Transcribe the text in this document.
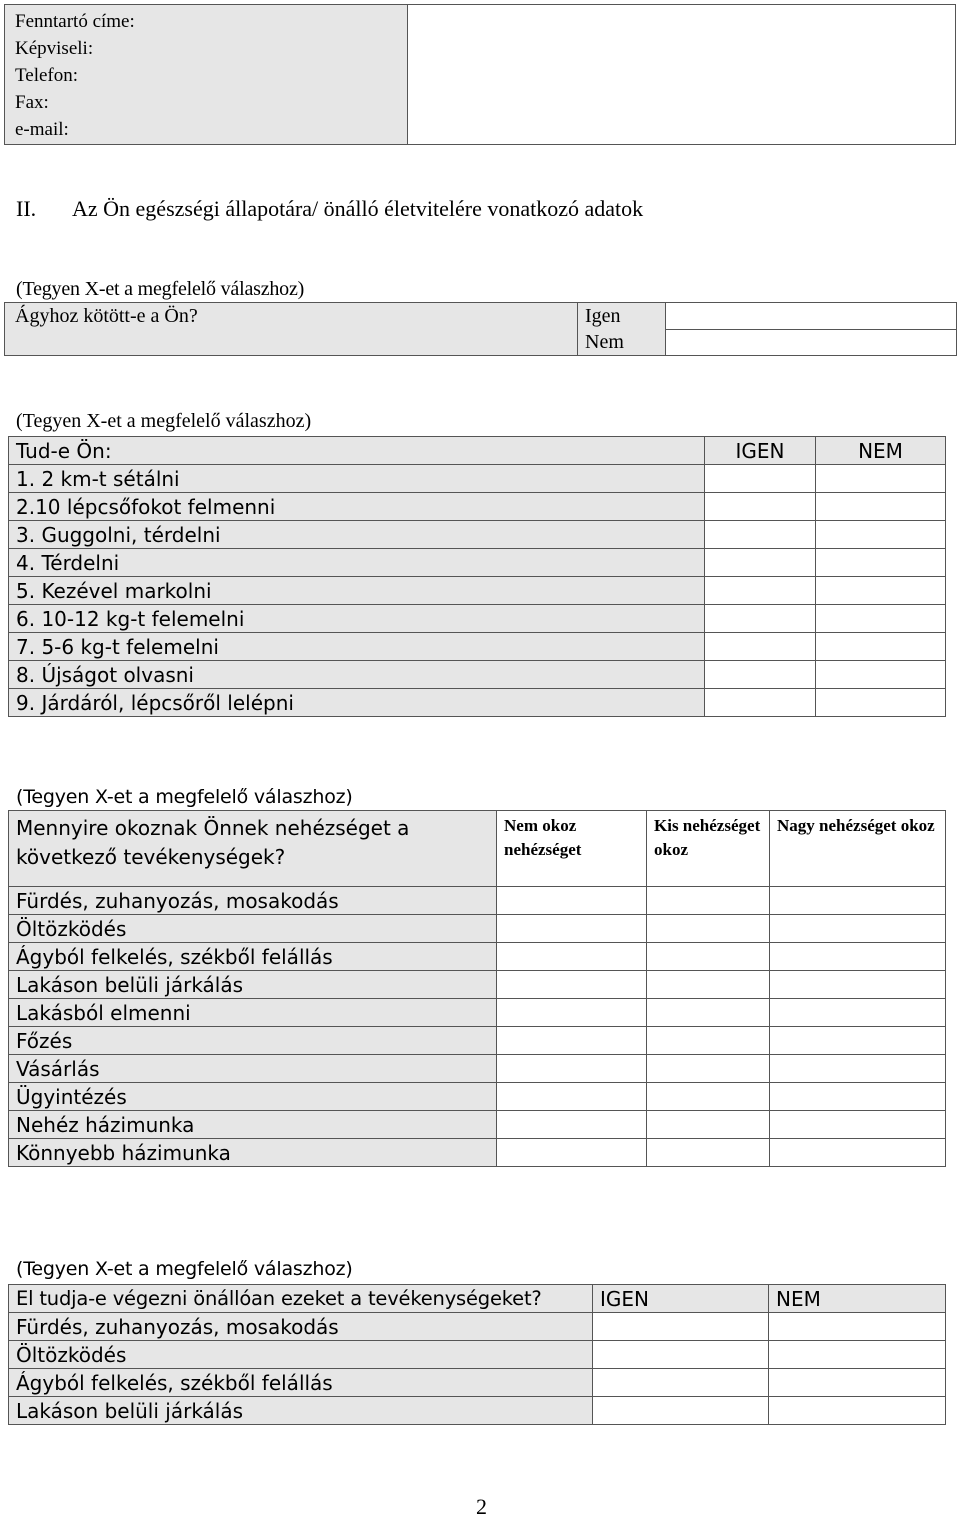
Fenntartó címe:
Képviseli:
Telefon:
Fax:
e-mail:

II. Az Ön egészségi állapotára/ önálló életvitelére vonatkozó adatok
(Tegyen X-et a megfelelő válaszhoz)
Ágyhoz kötött-e a Ön?	Igen	
	Nem	
(Tegyen X-et a megfelelő válaszhoz)
Tud-e Ön:	IGEN	NEM
1. 2 km-t sétálni		
2.10 lépcsőfokot felmenni		
3. Guggolni, térdelni		
4. Térdelni		
5. Kezével markolni		
6. 10-12 kg-t felemelni		
7. 5-6 kg-t felemelni		
8. Újságot olvasni		
9. Járdáról, lépcsőről lelépni		
(Tegyen X-et a megfelelő válaszhoz)
Mennyire okoznak Önnek nehézséget a következő tevékenységek?	Nem okoz nehézséget	Kis nehézséget okoz	Nagy nehézséget okoz
Fürdés, zuhanyozás, mosakodás			
Öltözködés			
Ágyból felkelés, székből felállás			
Lakáson belüli járkálás			
Lakásból elmenni			
Főzés			
Vásárlás			
Ügyintézés			
Nehéz házimunka			
Könnyebb házimunka			
(Tegyen X-et a megfelelő válaszhoz)
El tudja-e végezni önállóan ezeket a tevékenységeket?	IGEN	NEM
Fürdés, zuhanyozás, mosakodás		
Öltözködés		
Ágyból felkelés, székből felállás		
Lakáson belüli járkálás		
2
